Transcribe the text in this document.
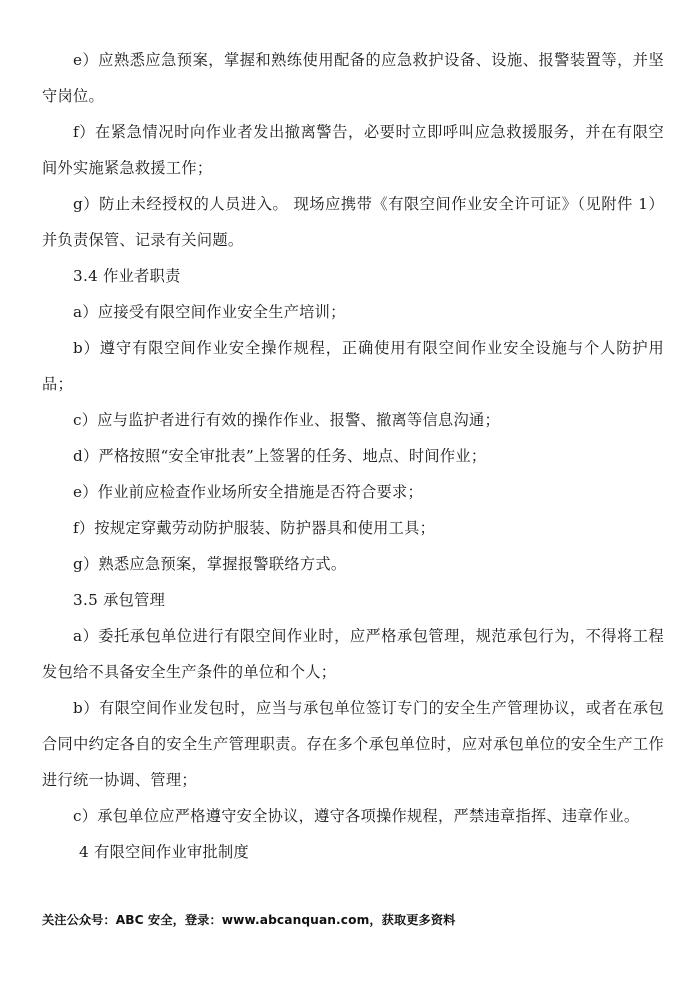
e）应熟悉应急预案，掌握和熟练使用配备的应急救护设备、设施、报警装置等，并坚守岗位。

f）在紧急情况时向作业者发出撤离警告，必要时立即呼叫应急救援服务，并在有限空间外实施紧急救援工作；

g）防止未经授权的人员进入。 现场应携带《有限空间作业安全许可证》（见附件 1）并负责保管、记录有关问题。

3.4 作业者职责

a）应接受有限空间作业安全生产培训；

b）遵守有限空间作业安全操作规程，正确使用有限空间作业安全设施与个人防护用品；

c）应与监护者进行有效的操作作业、报警、撤离等信息沟通；

d）严格按照“安全审批表”上签署的任务、地点、时间作业；

e）作业前应检查作业场所安全措施是否符合要求；

f）按规定穿戴劳动防护服装、防护器具和使用工具；

g）熟悉应急预案，掌握报警联络方式。

3.5 承包管理

a）委托承包单位进行有限空间作业时，应严格承包管理，规范承包行为，不得将工程发包给不具备安全生产条件的单位和个人；

b）有限空间作业发包时，应当与承包单位签订专门的安全生产管理协议，或者在承包合同中约定各自的安全生产管理职责。存在多个承包单位时，应对承包单位的安全生产工作进行统一协调、管理；

c）承包单位应严格遵守安全协议，遵守各项操作规程，严禁违章指挥、违章作业。

4 有限空间作业审批制度
关注公众号：ABC 安全，登录：www.abcanquan.com，获取更多资料
